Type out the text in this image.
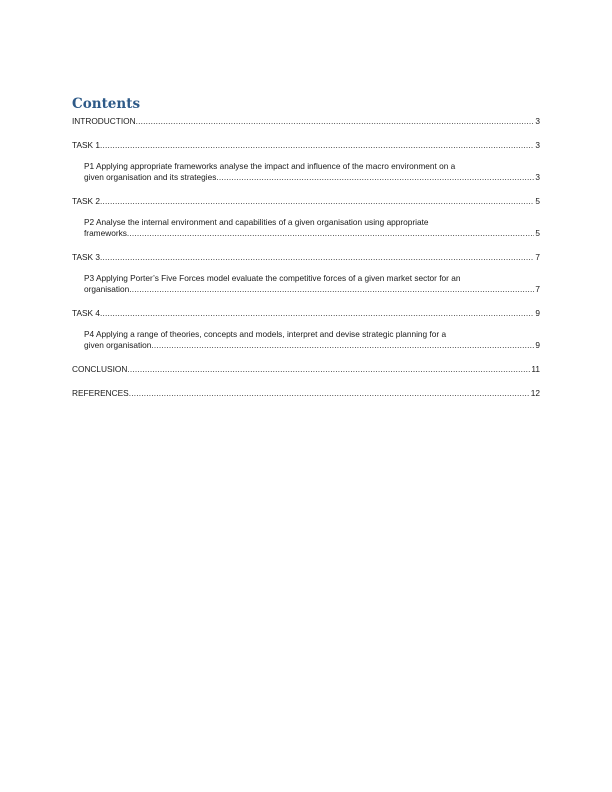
Contents
INTRODUCTION .....	3
TASK 1 .....	3
P1 Applying appropriate frameworks analyse the impact and influence of the macro environment on a
given organisation and its strategies .....	3
TASK 2 .....	5
P2 Analyse the internal environment and capabilities of a given organisation using appropriate
frameworks .....	5
TASK 3 .....	7
P3 Applying Porter’s Five Forces model evaluate the competitive forces of a given market sector for an
organisation .....	7
TASK 4 .....	9
P4 Applying a range of theories, concepts and models, interpret and devise strategic planning for a
given organisation .....	9
CONCLUSION .....	11
REFERENCES .....	12
